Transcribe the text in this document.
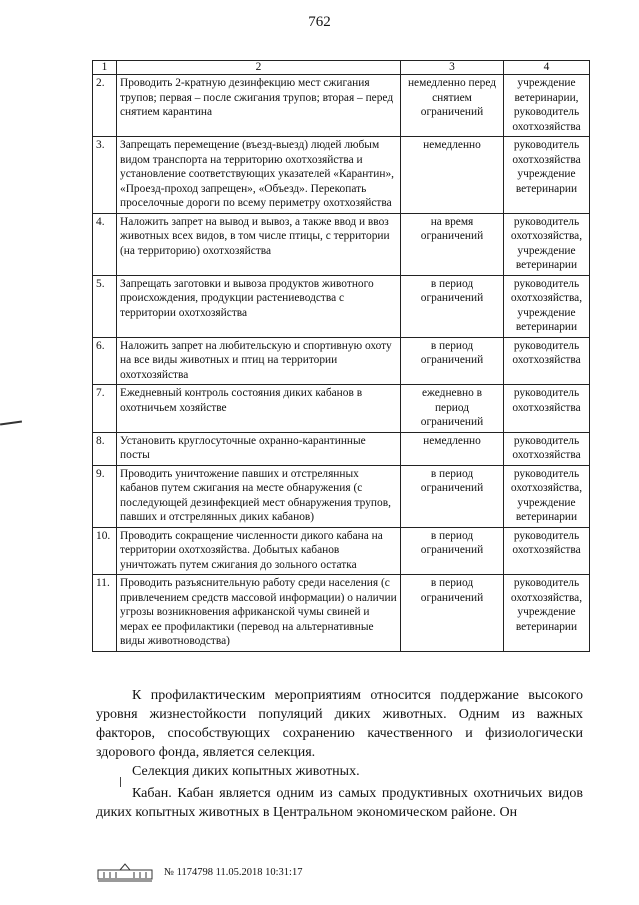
762
1	2	3	4
2.	Проводить 2-кратную дезинфекцию мест сжигания трупов; первая – после сжигания трупов; вторая – перед снятием карантина	немедленно перед снятием ограничений	учреждение ветеринарии, руководитель охотхозяйства
3.	Запрещать перемещение (въезд-выезд) людей любым видом транспорта на территорию охотхозяйства и установление соответствующих указателей «Карантин», «Проезд-проход запрещен», «Объезд». Перекопать проселочные дороги по всему периметру охотхозяйства	немедленно	руководитель охотхозяйства учреждение ветеринарии
4.	Наложить запрет на вывод и вывоз, а также ввод и ввоз животных всех видов, в том числе птицы, с территории (на территорию) охотхозяйства	на время ограничений	руководитель охотхозяйства, учреждение ветеринарии
5.	Запрещать заготовки и вывоза продуктов животного происхождения, продукции растениеводства с территории охотхозяйства	в период ограничений	руководитель охотхозяйства, учреждение ветеринарии
6.	Наложить запрет на любительскую и спортивную охоту на все виды животных и птиц на территории охотхозяйства	в период ограничений	руководитель охотхозяйства
7.	Ежедневный контроль состояния диких кабанов в охотничьем хозяйстве	ежедневно в период ограничений	руководитель охотхозяйства
8.	Установить круглосуточные охранно-карантинные посты	немедленно	руководитель охотхозяйства
9.	Проводить уничтожение павших и отстрелянных кабанов путем сжигания на месте обнаружения (с последующей дезинфекцией мест обнаружения трупов, павших и отстрелянных диких кабанов)	в период ограничений	руководитель охотхозяйства, учреждение ветеринарии
10.	Проводить сокращение численности дикого кабана на территории охотхозяйства. Добытых кабанов уничтожать путем сжигания до зольного остатка	в период ограничений	руководитель охотхозяйства
11.	Проводить разъяснительную работу среди населения (с привлечением средств массовой информации) о наличии угрозы возникновения африканской чумы свиней и мерах ее профилактики (перевод на альтернативные виды животноводства)	в период ограничений	руководитель охотхозяйства, учреждение ветеринарии

К профилактическим мероприятиям относится поддержание высокого уровня жизнестойкости популяций диких животных. Одним из важных факторов, способствующих сохранению качественного и физиологически здорового фонда, является селекция.

Селекция диких копытных животных.

Кабан. Кабан является одним из самых продуктивных охотничьих видов диких копытных животных в Центральном экономическом районе. Он

№ 1174798 11.05.2018 10:31:17
